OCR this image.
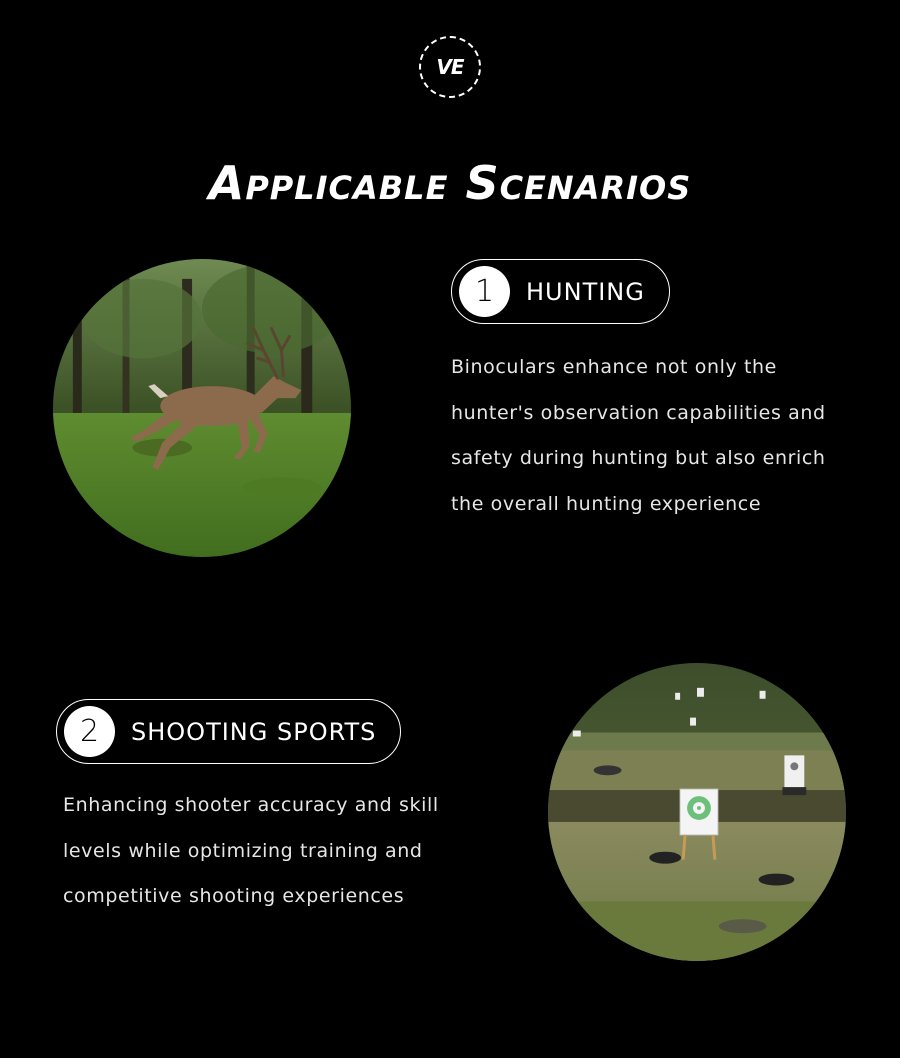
VE
Applicable Scenarios
1	HUNTING
Binoculars enhance not only the
hunter's observation capabilities and
safety during hunting but also enrich
the overall hunting experience
2	SHOOTING SPORTS
Enhancing shooter accuracy and skill
levels while optimizing training and
competitive shooting experiences
